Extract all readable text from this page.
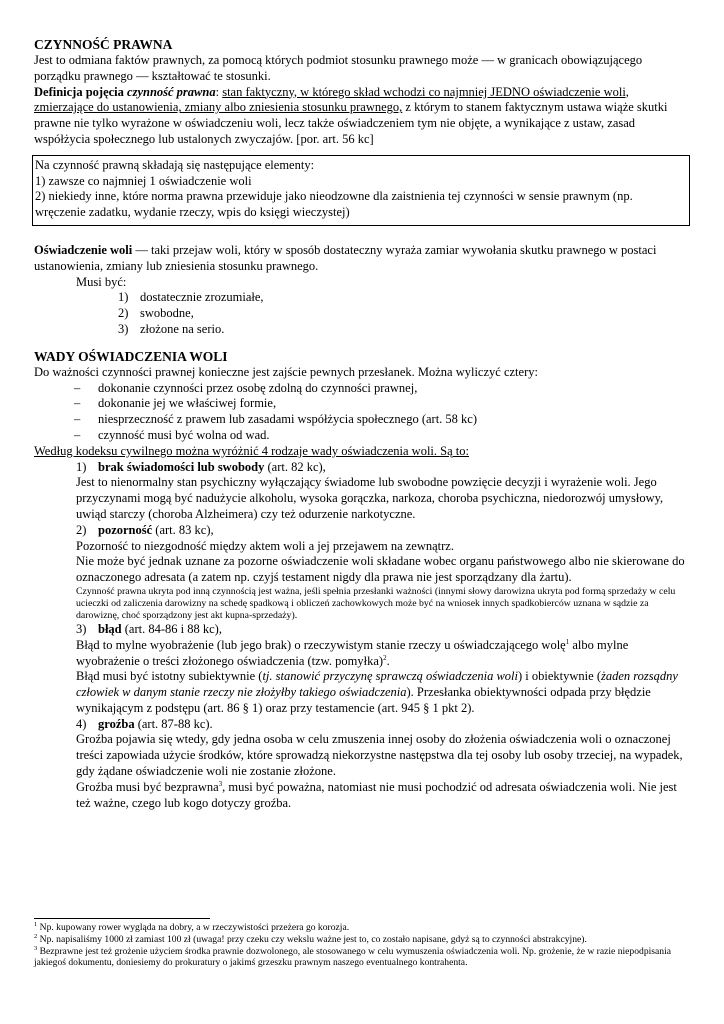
CZYNNOŚĆ PRAWNA

Jest to odmiana faktów prawnych, za pomocą których podmiot stosunku prawnego może — w granicach obowiązującego porządku prawnego — kształtować te stosunki.

Definicja pojęcia czynność prawna: stan faktyczny, w którego skład wchodzi co najmniej JEDNO oświadczenie woli, zmierzające do ustanowienia, zmiany albo zniesienia stosunku prawnego, z którym to stanem faktycznym ustawa wiąże skutki prawne nie tylko wyrażone w oświadczeniu woli, lecz także oświadczeniem tym nie objęte, a wynikające z ustaw, zasad współżycia społecznego lub ustalonych zwyczajów. [por. art. 56 kc]

Na czynność prawną składają się następujące elementy:

1) zawsze co najmniej 1 oświadczenie woli

2) niekiedy inne, które norma prawna przewiduje jako nieodzowne dla zaistnienia tej czynności w sensie prawnym (np. wręczenie zadatku, wydanie rzeczy, wpis do księgi wieczystej)

Oświadczenie woli — taki przejaw woli, który w sposób dostateczny wyraża zamiar wywołania skutku prawnego w postaci ustanowienia, zmiany lub zniesienia stosunku prawnego.

Musi być:

1) dostatecznie zrozumiałe,
2) swobodne,
3) złożone na serio.

WADY OŚWIADCZENIA WOLI

Do ważności czynności prawnej konieczne jest zajście pewnych przesłanek. Można wyliczyć cztery:

–	dokonanie czynności przez osobę zdolną do czynności prawnej,
–	dokonanie jej we właściwej formie,
–	niesprzeczność z prawem lub zasadami współżycia społecznego (art. 58 kc)
–	czynność musi być wolna od wad.

Według kodeksu cywilnego można wyróżnić 4 rodzaje wady oświadczenia woli. Są to:

1) brak świadomości lub swobody (art. 82 kc),

Jest to nienormalny stan psychiczny wyłączający świadome lub swobodne powzięcie decyzji i wyrażenie woli. Jego przyczynami mogą być nadużycie alkoholu, wysoka gorączka, narkoza, choroba psychiczna, niedorozwój umysłowy, uwiąd starczy (choroba Alzheimera) czy też odurzenie narkotyczne.

2) pozorność (art. 83 kc),

Pozorność to niezgodność między aktem woli a jej przejawem na zewnątrz.

Nie może być jednak uznane za pozorne oświadczenie woli składane wobec organu państwowego albo nie skierowane do oznaczonego adresata (a zatem np. czyjś testament nigdy dla prawa nie jest sporządzany dla żartu).

Czynność prawna ukryta pod inną czynnością jest ważna, jeśli spełnia przesłanki ważności (innymi słowy darowizna ukryta pod formą sprzedaży w celu ucieczki od zaliczenia darowizny na schedę spadkową i obliczeń zachowkowych może być na wniosek innych spadkobierców uznana w sądzie za darowiznę, choć sporządzony jest akt kupna-sprzedaży).

3) błąd (art. 84-86 i 88 kc),

Błąd to mylne wyobrażenie (lub jego brak) o rzeczywistym stanie rzeczy u oświadczającego wolę$^1$ albo mylne wyobrażenie o treści złożonego oświadczenia (tzw. pomyłka)$^2$.

Błąd musi być istotny subiektywnie (tj. stanowić przyczynę sprawczą oświadczenia woli) i obiektywnie (żaden rozsądny człowiek w danym stanie rzeczy nie złożyłby takiego oświadczenia). Przesłanka obiektywności odpada przy błędzie wynikającym z podstępu (art. 86 § 1) oraz przy testamencie (art. 945 § 1 pkt 2).

4) groźba (art. 87-88 kc).

Groźba pojawia się wtedy, gdy jedna osoba w celu zmuszenia innej osoby do złożenia oświadczenia woli o oznaczonej treści zapowiada użycie środków, które sprowadzą niekorzystne następstwa dla tej osoby lub osoby trzeciej, na wypadek, gdy żądane oświadczenie woli nie zostanie złożone.

Groźba musi być bezprawna$^3$, musi być poważna, natomiast nie musi pochodzić od adresata oświadczenia woli. Nie jest też ważne, czego lub kogo dotyczy groźba.

$^1$ Np. kupowany rower wygląda na dobry, a w rzeczywistości przeżera go korozja.

$^2$ Np. napisaliśmy 1000 zł zamiast 100 zł (uwaga! przy czeku czy wekslu ważne jest to, co zostało napisane, gdyż są to czynności abstrakcyjne).

$^3$ Bezprawne jest też grożenie użyciem środka prawnie dozwolonego, ale stosowanego w celu wymuszenia oświadczenia woli. Np. grożenie, że w razie niepodpisania jakiegoś dokumentu, doniesiemy do prokuratury o jakimś grzeszku prawnym naszego eventualnego kontrahenta.
